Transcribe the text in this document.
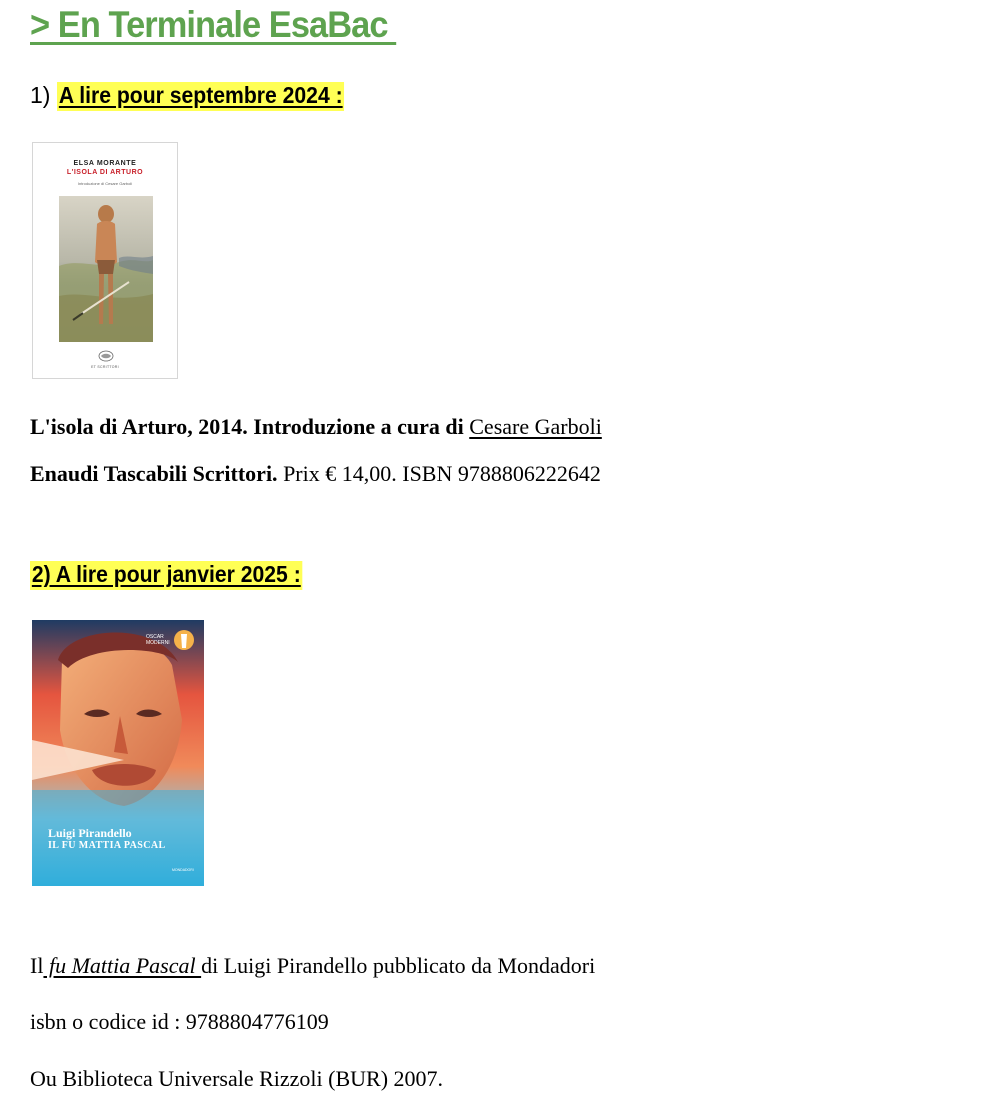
> En Terminale EsaBac
1) A lire pour septembre 2024 :
ELSA MORANTE
L'ISOLA DI ARTURO
Introduzione di Cesare Garboli
ET SCRITTORI
L'isola di Arturo, 2014. Introduzione a cura di Cesare Garboli
Enaudi Tascabili Scrittori. Prix € 14,00. ISBN 9788806222642
2) A lire pour janvier 2025 :
OSCAR MODERNI
Luigi Pirandello
IL FU MATTIA PASCAL
MONDADORI
Il fu Mattia Pascal di Luigi Pirandello pubblicato da Mondadori
isbn o codice id : 9788804776109
Ou Biblioteca Universale Rizzoli (BUR) 2007.
